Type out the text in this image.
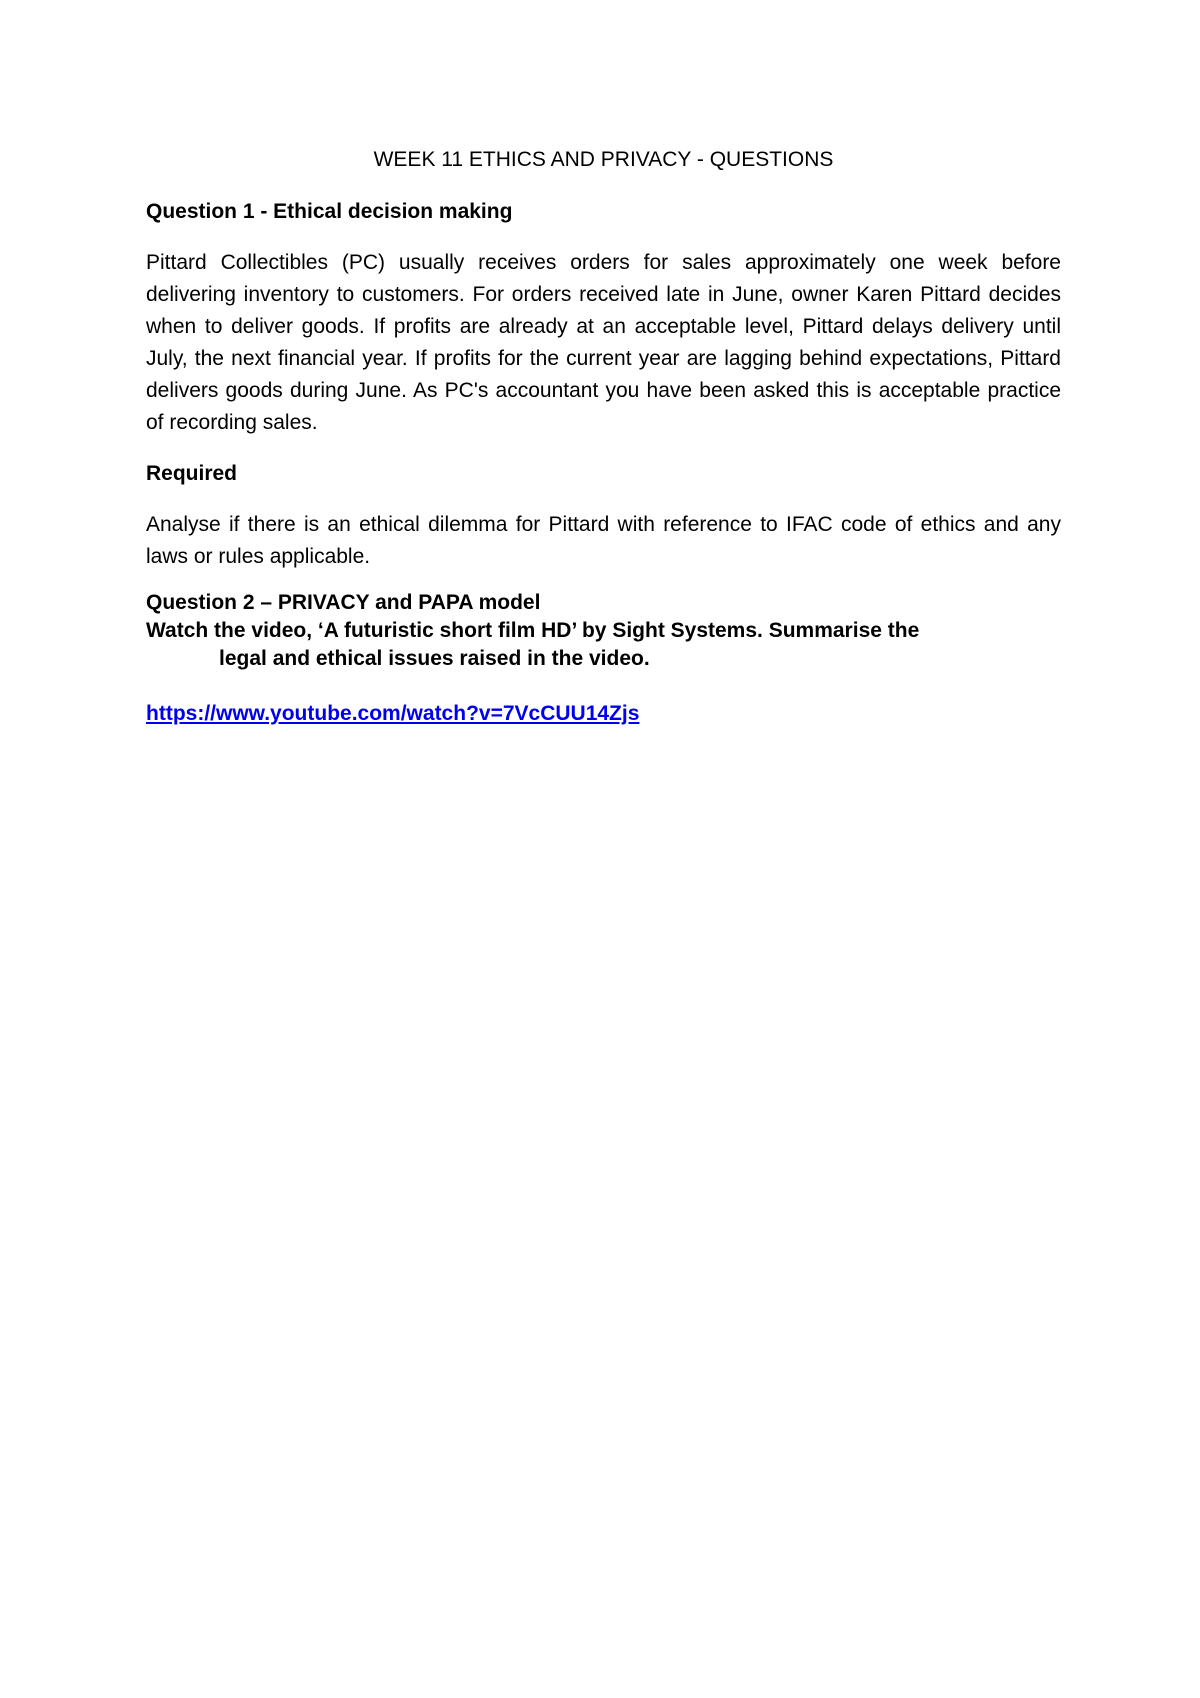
WEEK 11 ETHICS AND PRIVACY - QUESTIONS

Question 1 - Ethical decision making

Pittard Collectibles (PC) usually receives orders for sales approximately one week before delivering inventory to customers. For orders received late in June, owner Karen Pittard decides when to deliver goods. If profits are already at an acceptable level, Pittard delays delivery until July, the next financial year. If profits for the current year are lagging behind expectations, Pittard delivers goods during June. As PC's accountant you have been asked this is acceptable practice of recording sales.

Required

Analyse if there is an ethical dilemma for Pittard with reference to IFAC code of ethics and any laws or rules applicable.

Question 2 – PRIVACY and PAPA model

Watch the video, ‘A futuristic short film HD’ by Sight Systems. Summarise the
legal and ethical issues raised in the video.

https://www.youtube.com/watch?v=7VcCUU14Zjs
